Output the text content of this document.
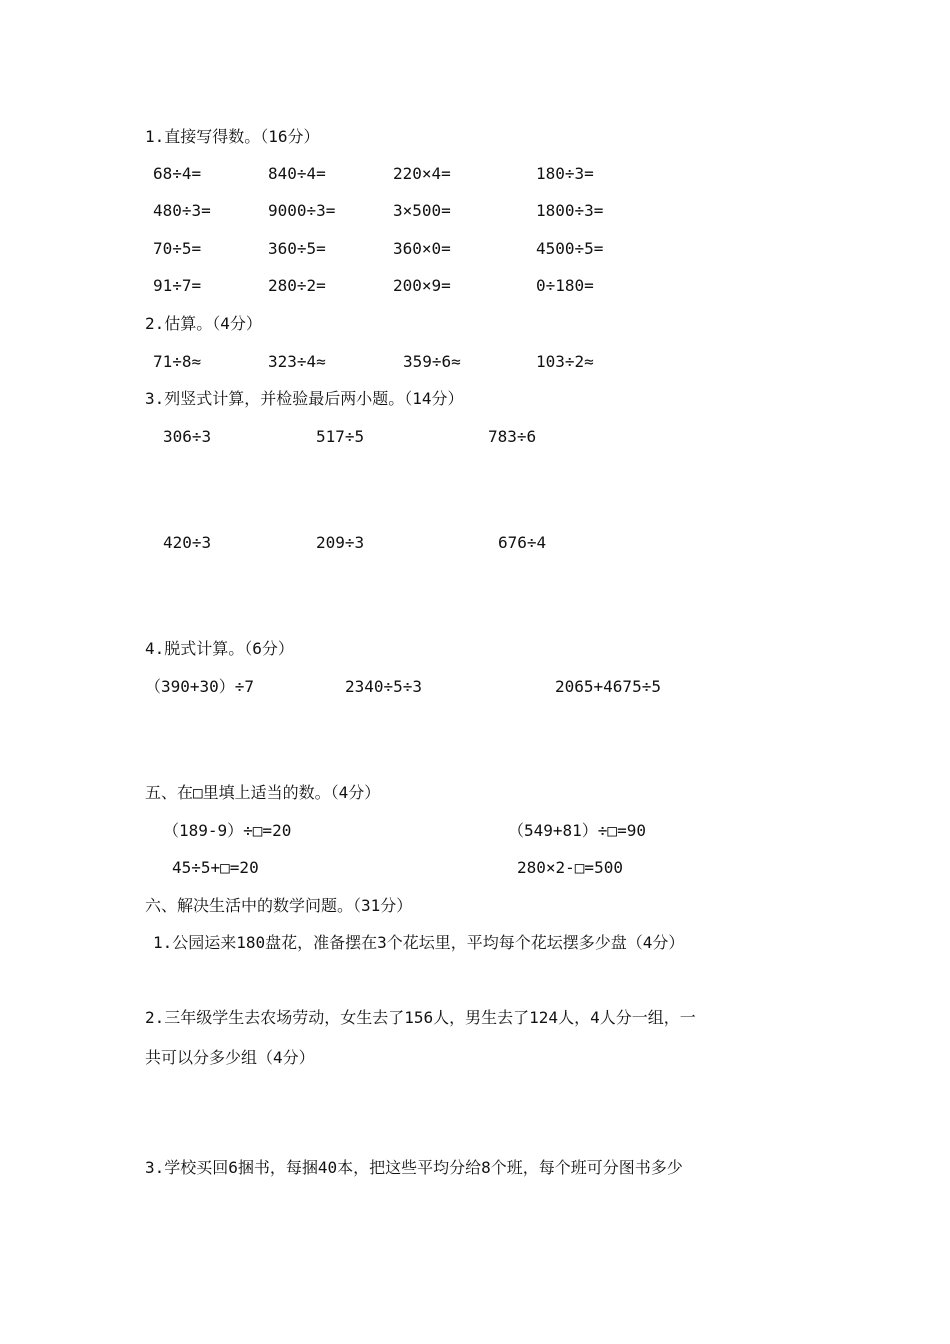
1.直接写得数。（16分）
68÷4=	840÷4=	220×4=	180÷3=
480÷3=	9000÷3=	3×500=	1800÷3=
70÷5=	360÷5=	360×0=	4500÷5=
91÷7=	280÷2=	200×9=	0÷180=
2.估算。（4分）
71÷8≈	323÷4≈	359÷6≈	103÷2≈
3.列竖式计算，并检验最后两小题。（14分）
306÷3	517÷5	783÷6
420÷3	209÷3	676÷4
4.脱式计算。（6分）
（390+30）÷7	2340÷5÷3	2065+4675÷5
五、在□里填上适当的数。（4分）
（189-9）÷□=20	（549+81）÷□=90
45÷5+□=20	280×2-□=500
六、解决生活中的数学问题。（31分）
1.公园运来180盘花，准备摆在3个花坛里，平均每个花坛摆多少盘（4分）
2.三年级学生去农场劳动，女生去了156人，男生去了124人，4人分一组，一
共可以分多少组（4分）
3.学校买回6捆书，每捆40本，把这些平均分给8个班，每个班可分图书多少
